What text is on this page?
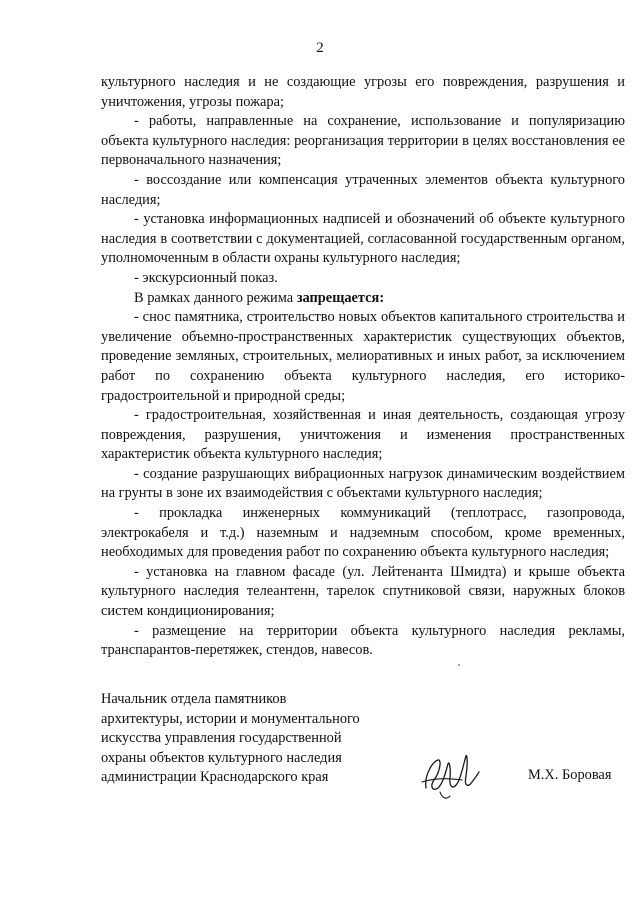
2

культурного наследия и не создающие угрозы его повреждения, разрушения и уничтожения, угрозы пожара;

- работы, направленные на сохранение, использование и популяризацию объекта культурного наследия: реорганизация территории в целях восстановления ее первоначального назначения;

- воссоздание или компенсация утраченных элементов объекта культурного наследия;

- установка информационных надписей и обозначений об объекте культурного наследия в соответствии с документацией, согласованной государственным органом, уполномоченным в области охраны культурного наследия;

- экскурсионный показ.

В рамках данного режима запрещается:

- снос памятника, строительство новых объектов капитального строительства и увеличение объемно-пространственных характеристик существующих объектов, проведение земляных, строительных, мелиоративных и иных работ, за исключением работ по сохранению объекта культурного наследия, его историко-градостроительной и природной среды;

- градостроительная, хозяйственная и иная деятельность, создающая угрозу повреждения, разрушения, уничтожения и изменения пространственных характеристик объекта культурного наследия;

- создание разрушающих вибрационных нагрузок динамическим воздействием на грунты в зоне их взаимодействия с объектами культурного наследия;

- прокладка инженерных коммуникаций (теплотрасс, газопровода, электрокабеля и т.д.) наземным и надземным способом, кроме временных, необходимых для проведения работ по сохранению объекта культурного наследия;

- установка на главном фасаде (ул. Лейтенанта Шмидта) и крыше объекта культурного наследия телеантенн, тарелок спутниковой связи, наружных блоков систем кондиционирования;

- размещение на территории объекта культурного наследия рекламы, транспарантов-перетяжек, стендов, навесов.

Начальник отдела памятников
архитектуры, истории и монументального
искусства управления государственной
охраны объектов культурного наследия
администрации Краснодарского края	М.Х. Боровая
